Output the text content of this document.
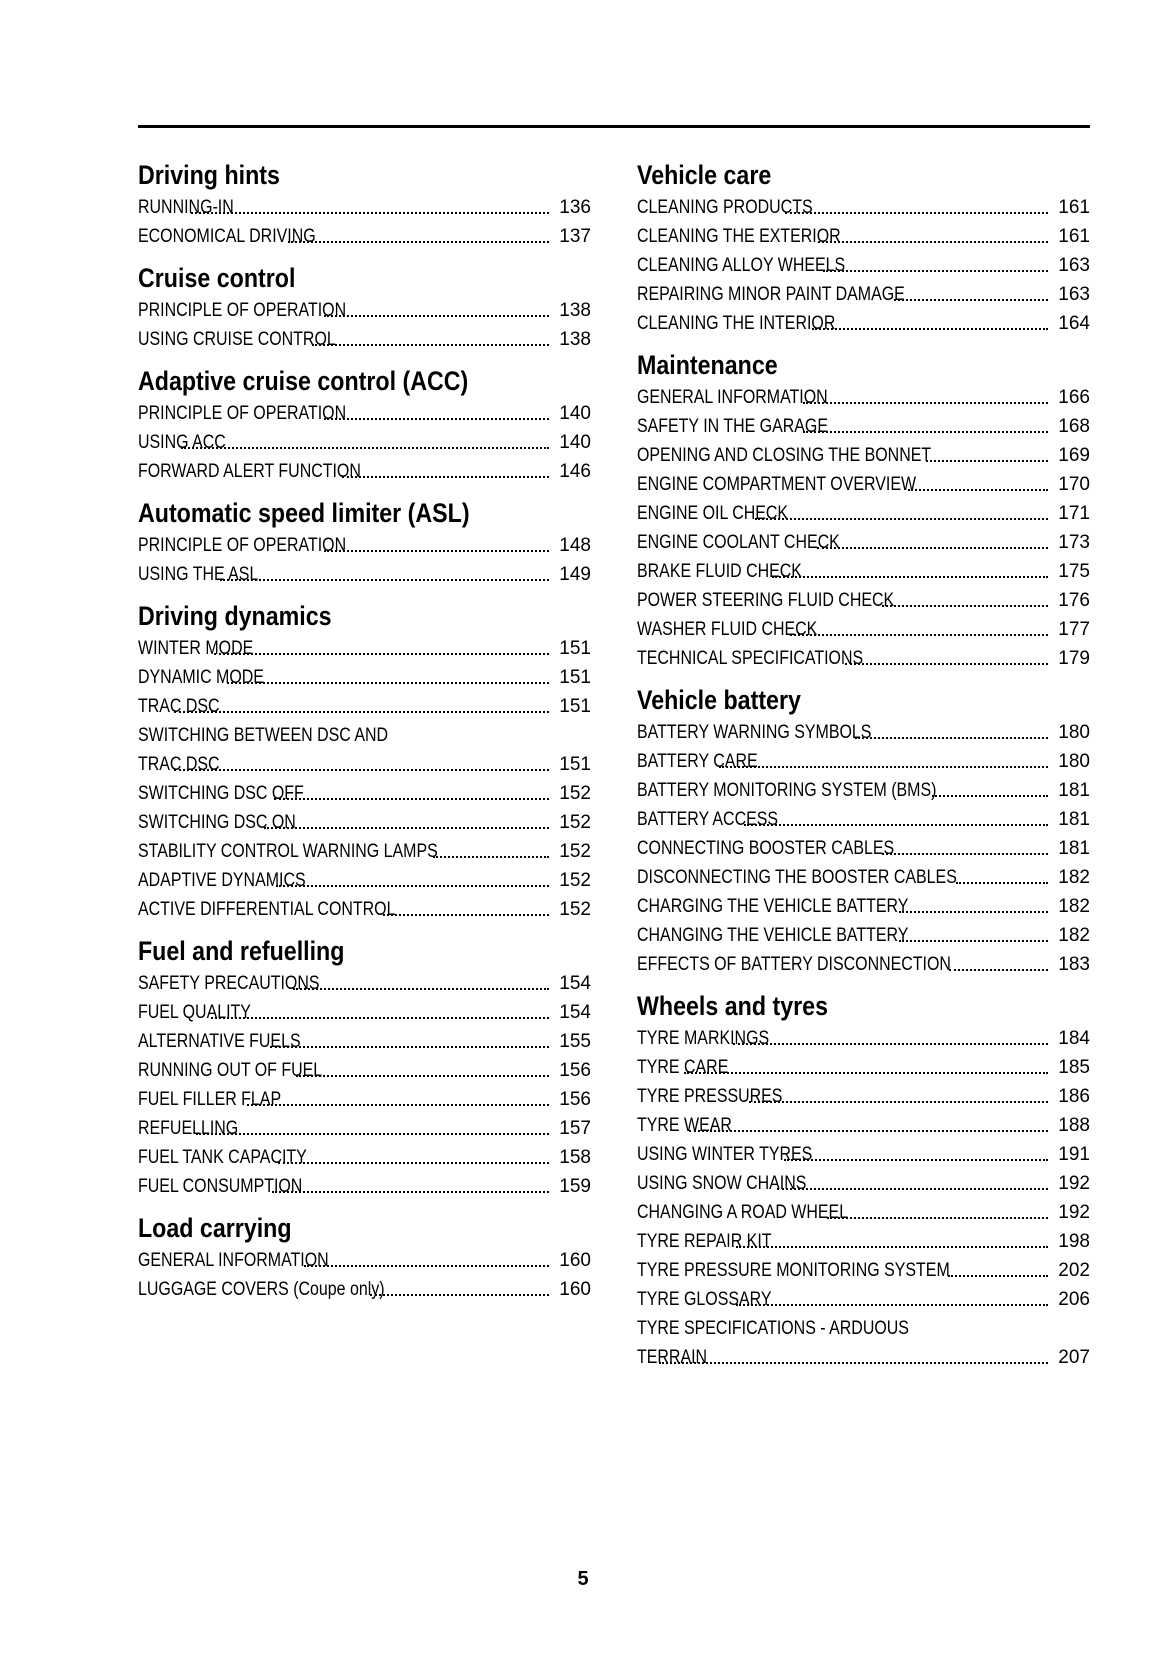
Driving hints
RUNNING-IN	136
ECONOMICAL DRIVING	137
Cruise control
PRINCIPLE OF OPERATION	138
USING CRUISE CONTROL	138
Adaptive cruise control (ACC)
PRINCIPLE OF OPERATION	140
USING ACC	140
FORWARD ALERT FUNCTION	146
Automatic speed limiter (ASL)
PRINCIPLE OF OPERATION	148
USING THE ASL	149
Driving dynamics
WINTER MODE	151
DYNAMIC MODE	151
TRAC DSC	151
SWITCHING BETWEEN DSC AND
TRAC DSC	151
SWITCHING DSC OFF	152
SWITCHING DSC ON	152
STABILITY CONTROL WARNING LAMPS	152
ADAPTIVE DYNAMICS	152
ACTIVE DIFFERENTIAL CONTROL	152
Fuel and refuelling
SAFETY PRECAUTIONS	154
FUEL QUALITY	154
ALTERNATIVE FUELS	155
RUNNING OUT OF FUEL	156
FUEL FILLER FLAP	156
REFUELLING	157
FUEL TANK CAPACITY	158
FUEL CONSUMPTION	159
Load carrying
GENERAL INFORMATION	160
LUGGAGE COVERS (Coupe only)	160
Vehicle care
CLEANING PRODUCTS	161
CLEANING THE EXTERIOR	161
CLEANING ALLOY WHEELS	163
REPAIRING MINOR PAINT DAMAGE	163
CLEANING THE INTERIOR	164
Maintenance
GENERAL INFORMATION	166
SAFETY IN THE GARAGE	168
OPENING AND CLOSING THE BONNET	169
ENGINE COMPARTMENT OVERVIEW	170
ENGINE OIL CHECK	171
ENGINE COOLANT CHECK	173
BRAKE FLUID CHECK	175
POWER STEERING FLUID CHECK	176
WASHER FLUID CHECK	177
TECHNICAL SPECIFICATIONS	179
Vehicle battery
BATTERY WARNING SYMBOLS	180
BATTERY CARE	180
BATTERY MONITORING SYSTEM (BMS)	181
BATTERY ACCESS	181
CONNECTING BOOSTER CABLES	181
DISCONNECTING THE BOOSTER CABLES	182
CHARGING THE VEHICLE BATTERY	182
CHANGING THE VEHICLE BATTERY	182
EFFECTS OF BATTERY DISCONNECTION	183
Wheels and tyres
TYRE MARKINGS	184
TYRE CARE	185
TYRE PRESSURES	186
TYRE WEAR	188
USING WINTER TYRES	191
USING SNOW CHAINS	192
CHANGING A ROAD WHEEL	192
TYRE REPAIR KIT	198
TYRE PRESSURE MONITORING SYSTEM	202
TYRE GLOSSARY	206
TYRE SPECIFICATIONS - ARDUOUS
TERRAIN	207
5
